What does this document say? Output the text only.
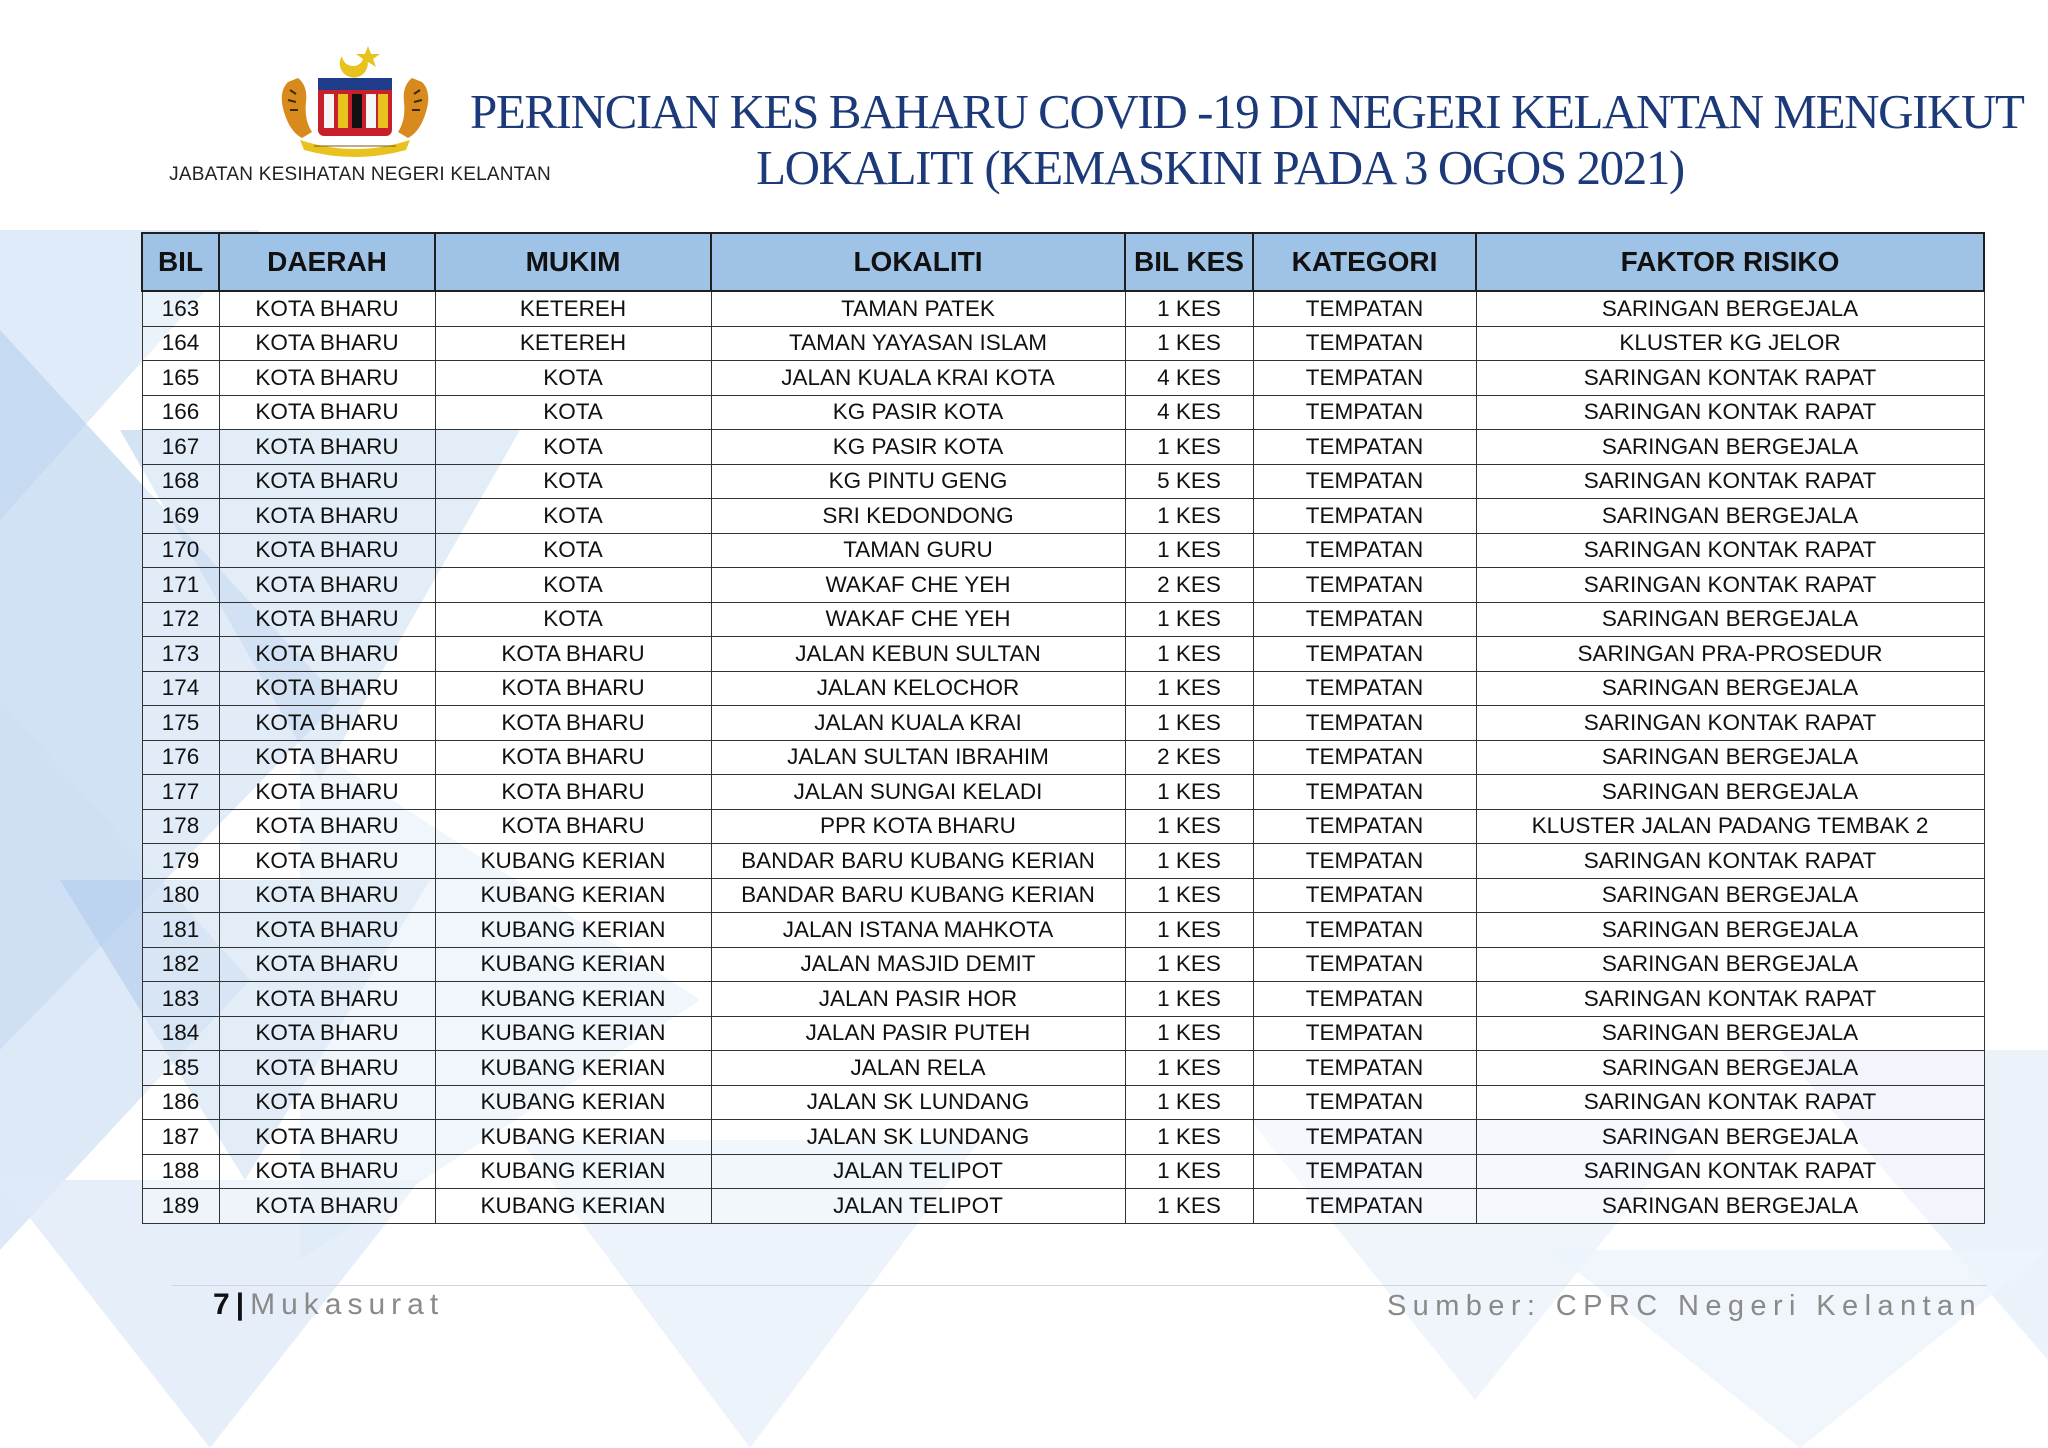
JABATAN KESIHATAN NEGERI KELANTAN
PERINCIAN KES BAHARU COVID -19 DI NEGERI KELANTAN MENGIKUT
LOKALITI (KEMASKINI PADA 3 OGOS 2021)
BIL	DAERAH	MUKIM	LOKALITI	BIL KES	KATEGORI	FAKTOR RISIKO
163	KOTA BHARU	KETEREH	TAMAN PATEK	1 KES	TEMPATAN	SARINGAN BERGEJALA
164	KOTA BHARU	KETEREH	TAMAN YAYASAN ISLAM	1 KES	TEMPATAN	KLUSTER KG JELOR
165	KOTA BHARU	KOTA	JALAN KUALA KRAI KOTA	4 KES	TEMPATAN	SARINGAN KONTAK RAPAT
166	KOTA BHARU	KOTA	KG PASIR KOTA	4 KES	TEMPATAN	SARINGAN KONTAK RAPAT
167	KOTA BHARU	KOTA	KG PASIR KOTA	1 KES	TEMPATAN	SARINGAN BERGEJALA
168	KOTA BHARU	KOTA	KG PINTU GENG	5 KES	TEMPATAN	SARINGAN KONTAK RAPAT
169	KOTA BHARU	KOTA	SRI KEDONDONG	1 KES	TEMPATAN	SARINGAN BERGEJALA
170	KOTA BHARU	KOTA	TAMAN GURU	1 KES	TEMPATAN	SARINGAN KONTAK RAPAT
171	KOTA BHARU	KOTA	WAKAF CHE YEH	2 KES	TEMPATAN	SARINGAN KONTAK RAPAT
172	KOTA BHARU	KOTA	WAKAF CHE YEH	1 KES	TEMPATAN	SARINGAN BERGEJALA
173	KOTA BHARU	KOTA BHARU	JALAN KEBUN SULTAN	1 KES	TEMPATAN	SARINGAN PRA-PROSEDUR
174	KOTA BHARU	KOTA BHARU	JALAN KELOCHOR	1 KES	TEMPATAN	SARINGAN BERGEJALA
175	KOTA BHARU	KOTA BHARU	JALAN KUALA KRAI	1 KES	TEMPATAN	SARINGAN KONTAK RAPAT
176	KOTA BHARU	KOTA BHARU	JALAN SULTAN IBRAHIM	2 KES	TEMPATAN	SARINGAN BERGEJALA
177	KOTA BHARU	KOTA BHARU	JALAN SUNGAI KELADI	1 KES	TEMPATAN	SARINGAN BERGEJALA
178	KOTA BHARU	KOTA BHARU	PPR KOTA BHARU	1 KES	TEMPATAN	KLUSTER JALAN PADANG TEMBAK 2
179	KOTA BHARU	KUBANG KERIAN	BANDAR BARU KUBANG KERIAN	1 KES	TEMPATAN	SARINGAN KONTAK RAPAT
180	KOTA BHARU	KUBANG KERIAN	BANDAR BARU KUBANG KERIAN	1 KES	TEMPATAN	SARINGAN BERGEJALA
181	KOTA BHARU	KUBANG KERIAN	JALAN ISTANA MAHKOTA	1 KES	TEMPATAN	SARINGAN BERGEJALA
182	KOTA BHARU	KUBANG KERIAN	JALAN MASJID DEMIT	1 KES	TEMPATAN	SARINGAN BERGEJALA
183	KOTA BHARU	KUBANG KERIAN	JALAN PASIR HOR	1 KES	TEMPATAN	SARINGAN KONTAK RAPAT
184	KOTA BHARU	KUBANG KERIAN	JALAN PASIR PUTEH	1 KES	TEMPATAN	SARINGAN BERGEJALA
185	KOTA BHARU	KUBANG KERIAN	JALAN RELA	1 KES	TEMPATAN	SARINGAN BERGEJALA
186	KOTA BHARU	KUBANG KERIAN	JALAN SK LUNDANG	1 KES	TEMPATAN	SARINGAN KONTAK RAPAT
187	KOTA BHARU	KUBANG KERIAN	JALAN SK LUNDANG	1 KES	TEMPATAN	SARINGAN BERGEJALA
188	KOTA BHARU	KUBANG KERIAN	JALAN TELIPOT	1 KES	TEMPATAN	SARINGAN KONTAK RAPAT
189	KOTA BHARU	KUBANG KERIAN	JALAN TELIPOT	1 KES	TEMPATAN	SARINGAN BERGEJALA
7 | Mukasurat	Sumber: CPRC Negeri Kelantan
